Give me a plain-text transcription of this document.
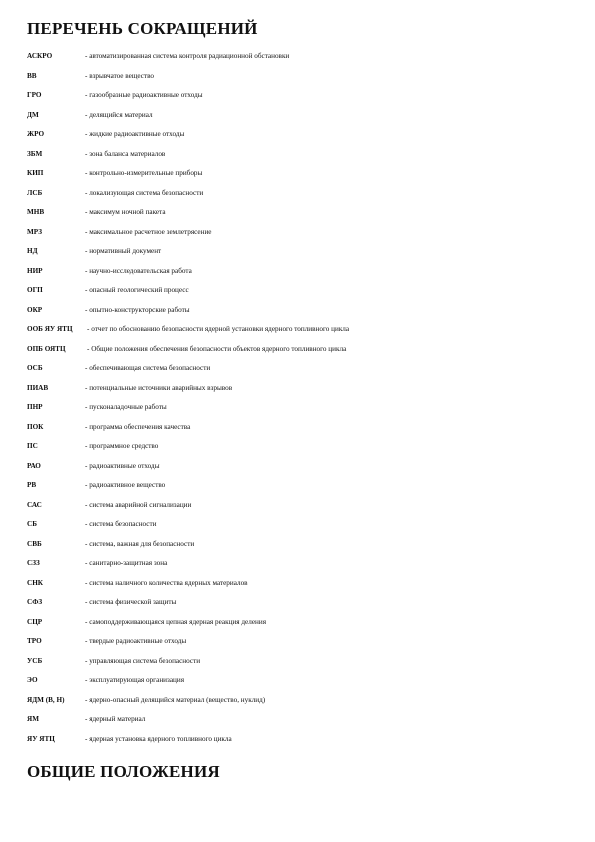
ПЕРЕЧЕНЬ СОКРАЩЕНИЙ
АСКРО	- автоматизированная система контроля радиационной обстановки
ВВ	- взрывчатое вещество
ГРО	- газообразные радиоактивные отходы
ДМ	- делящийся материал
ЖРО	- жидкие радиоактивные отходы
ЗБМ	- зона баланса материалов
КИП	- контрольно-измерительные приборы
ЛСБ	- локализующая система безопасности
МНВ	- максимум ночной пакета
МРЗ	- максимальное расчетное землетрясение
НД	- нормативный документ
НИР	- научно-исследовательская работа
ОГП	- опасный геологический процесс
ОКР	- опытно-конструкторские работы
ООБ ЯУ ЯТЦ - отчет по обоснованию безопасности ядерной установки ядерного топливного цикла
ОПБ ОЯТЦ	- Общие положения обеспечения безопасности объектов ядерного топливного цикла
ОСБ	- обеспечивающая система безопасности
ПИАВ	- потенциальные источники аварийных взрывов
ПНР	- пусконаладочные работы
ПОК	- программа обеспечения качества
ПС	- программное средство
РАО	- радиоактивные отходы
РВ	- радиоактивное вещество
САС	- система аварийной сигнализации
СБ	- система безопасности
СВБ	- система, важная для безопасности
СЗЗ	- санитарно-защитная зона
СНК	- система наличного количества ядерных материалов
СФЗ	- система физической защиты
СЦР	- самоподдерживающаяся цепная ядерная реакция деления
ТРО	- твердые радиоактивные отходы
УСБ	- управляющая система безопасности
ЭО	- эксплуатирующая организация
ЯДМ (В, Н)	- ядерно-опасный делящийся материал (вещество, нуклид)
ЯМ	- ядерный материал
ЯУ ЯТЦ	- ядерная установка ядерного топливного цикла
ОБЩИЕ ПОЛОЖЕНИЯ
